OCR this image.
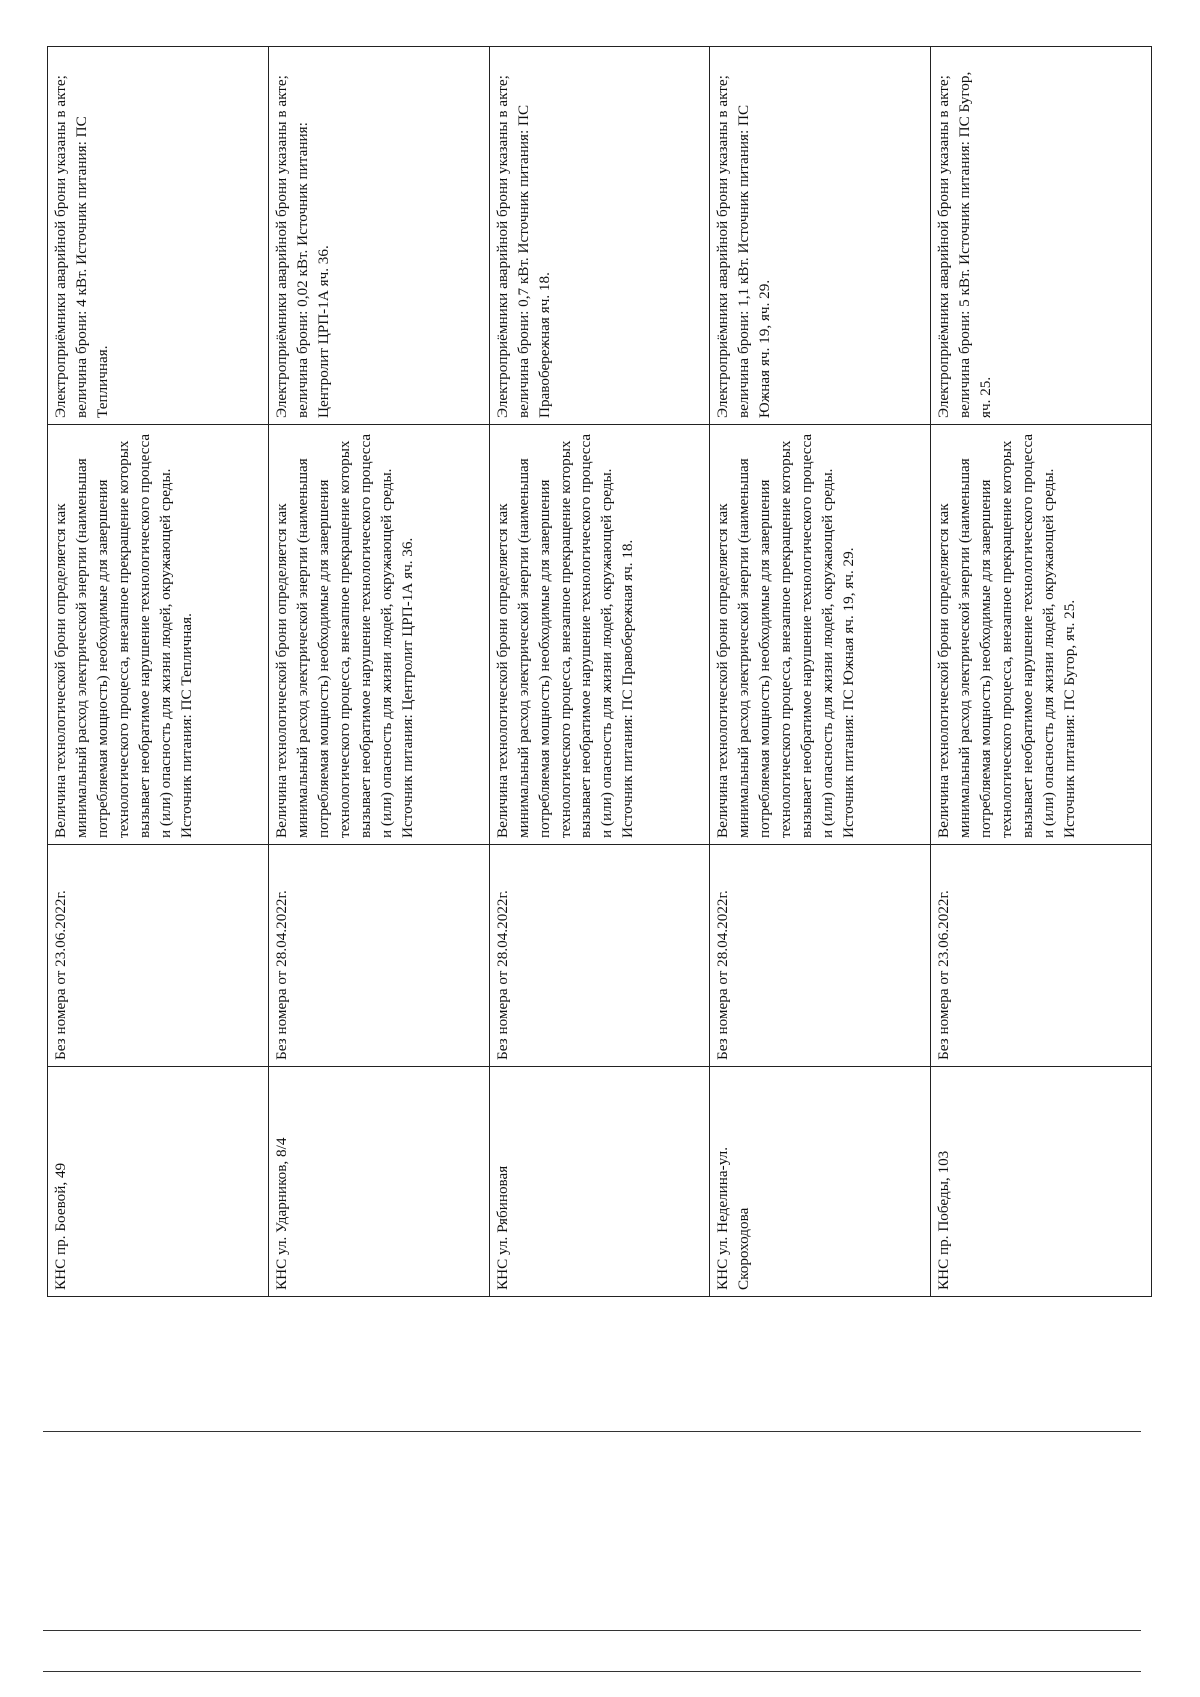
КНС пр. Боевой, 49	Без номера от 23.06.2022г.	Величина технологической брони определяется как минимальный расход электрической энергии (наименьшая потребляемая мощность) необходимые для завершения технологического процесса, внезапное прекращение которых вызывает необратимое нарушение технологического процесса и (или) опасность для жизни людей, окружающей среды. Источник питания: ПС Тепличная.	Электроприёмники аварийной брони указаны в акте; величина брони: 4 кВт. Источник питания: ПС Тепличная.
КНС ул. Ударников, 8/4	Без номера от 28.04.2022г.	Величина технологической брони определяется как минимальный расход электрической энергии (наименьшая потребляемая мощность) необходимые для завершения технологического процесса, внезапное прекращение которых вызывает необратимое нарушение технологического процесса и (или) опасность для жизни людей, окружающей среды. Источник питания: Центролит ЦРП-1А яч. 36.	Электроприёмники аварийной брони указаны в акте; величина брони: 0,02 кВт. Источник питания: Центролит ЦРП-1А яч. 36.
КНС ул. Рябиновая	Без номера от 28.04.2022г.	Величина технологической брони определяется как минимальный расход электрической энергии (наименьшая потребляемая мощность) необходимые для завершения технологического процесса, внезапное прекращение которых вызывает необратимое нарушение технологического процесса и (или) опасность для жизни людей, окружающей среды. Источник питания: ПС Правобережная яч. 18.	Электроприёмники аварийной брони указаны в акте; величина брони: 0,7 кВт. Источник питания: ПС Правобережная яч. 18.
КНС ул. Неделина-ул. Скороходова	Без номера от 28.04.2022г.	Величина технологической брони определяется как минимальный расход электрической энергии (наименьшая потребляемая мощность) необходимые для завершения технологического процесса, внезапное прекращение которых вызывает необратимое нарушение технологического процесса и (или) опасность для жизни людей, окружающей среды. Источник питания: ПС Южная яч. 19, яч. 29.	Электроприёмники аварийной брони указаны в акте; величина брони: 1,1 кВт. Источник питания: ПС Южная яч. 19, яч. 29.
КНС пр. Победы, 103	Без номера от 23.06.2022г.	Величина технологической брони определяется как минимальный расход электрической энергии (наименьшая потребляемая мощность) необходимые для завершения технологического процесса, внезапное прекращение которых вызывает необратимое нарушение технологического процесса и (или) опасность для жизни людей, окружающей среды. Источник питания: ПС Бугор, яч. 25.	Электроприёмники аварийной брони указаны в акте; величина брони: 5 кВт. Источник питания: ПС Бугор, яч. 25.
